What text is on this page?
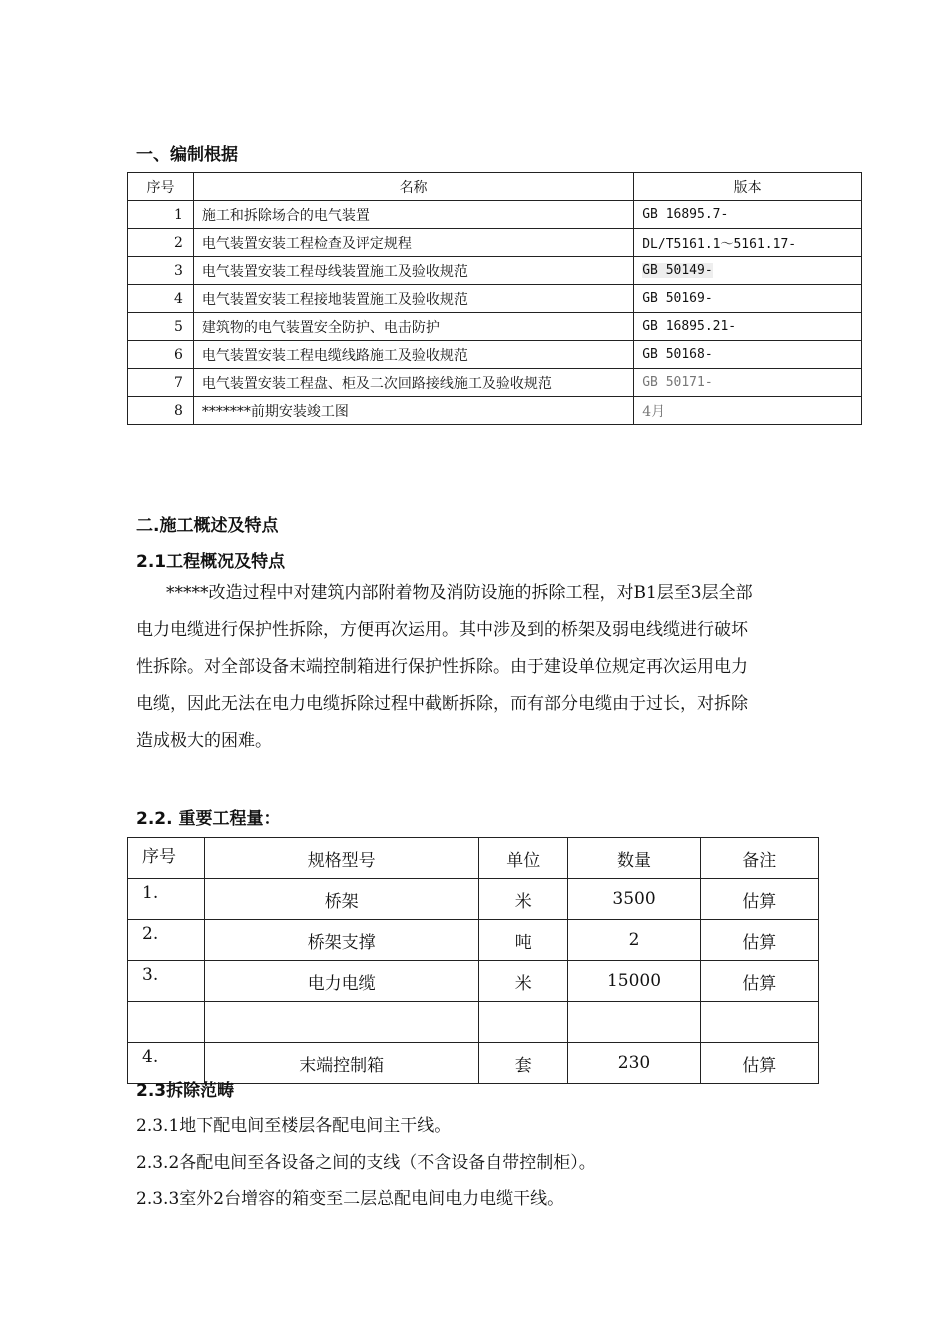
一、编制根据
序号	名称	版本
1	施工和拆除场合的电气装置	GB 16895.7-
2	电气装置安装工程检查及评定规程	DL/T5161.1～5161.17-
3	电气装置安装工程母线装置施工及验收规范	GB 50149-
4	电气装置安装工程接地装置施工及验收规范	GB 50169-
5	建筑物的电气装置安全防护、电击防护	GB 16895.21-
6	电气装置安装工程电缆线路施工及验收规范	GB 50168-
7	电气装置安装工程盘、柜及二次回路接线施工及验收规范	GB 50171-
8	*******前期安装竣工图	4月
二.施工概述及特点
2.1工程概况及特点
*****改造过程中对建筑内部附着物及消防设施的拆除工程，对B1层至3层全部
电力电缆进行保护性拆除，方便再次运用。其中涉及到的桥架及弱电线缆进行破坏
性拆除。对全部设备末端控制箱进行保护性拆除。由于建设单位规定再次运用电力
电缆，因此无法在电力电缆拆除过程中截断拆除，而有部分电缆由于过长，对拆除
造成极大的困难。
2.2. 重要工程量：
序号	规格型号	单位	数量	备注
1.	桥架	米	3500	估算
2.	桥架支撑	吨	2	估算
3.	电力电缆	米	15000	估算

4.	末端控制箱	套	230	估算
2.3拆除范畴
2.3.1地下配电间至楼层各配电间主干线。
2.3.2各配电间至各设备之间的支线（不含设备自带控制柜）。
2.3.3室外2台增容的箱变至二层总配电间电力电缆干线。
